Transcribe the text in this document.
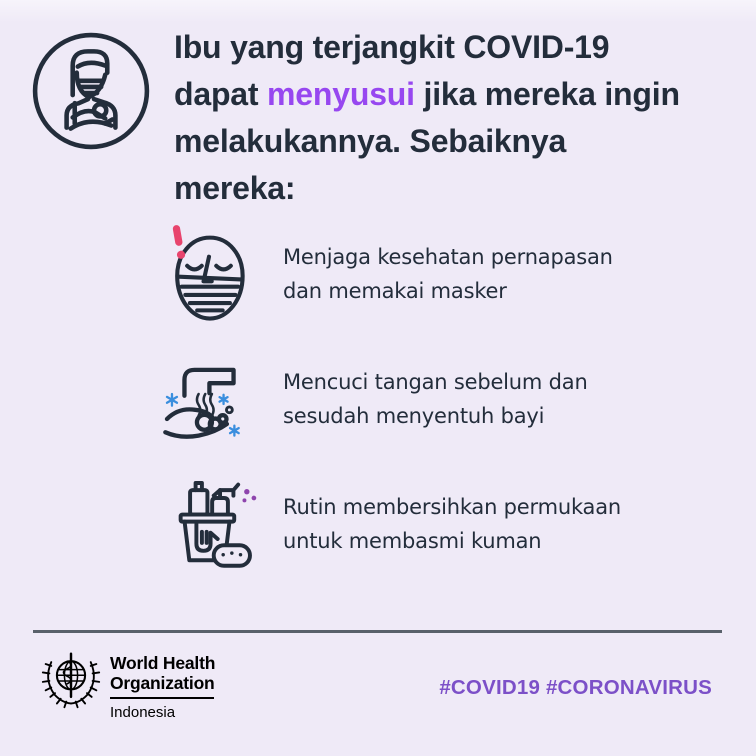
Ibu yang terjangkit COVID-19
dapat menyusui jika mereka ingin
melakukannya. Sebaiknya
mereka:
Menjaga kesehatan pernapasan
dan memakai masker
Mencuci tangan sebelum dan
sesudah menyentuh bayi
Rutin membersihkan permukaan
untuk membasmi kuman
World Health
Organization
Indonesia
#COVID19 #CORONAVIRUS
